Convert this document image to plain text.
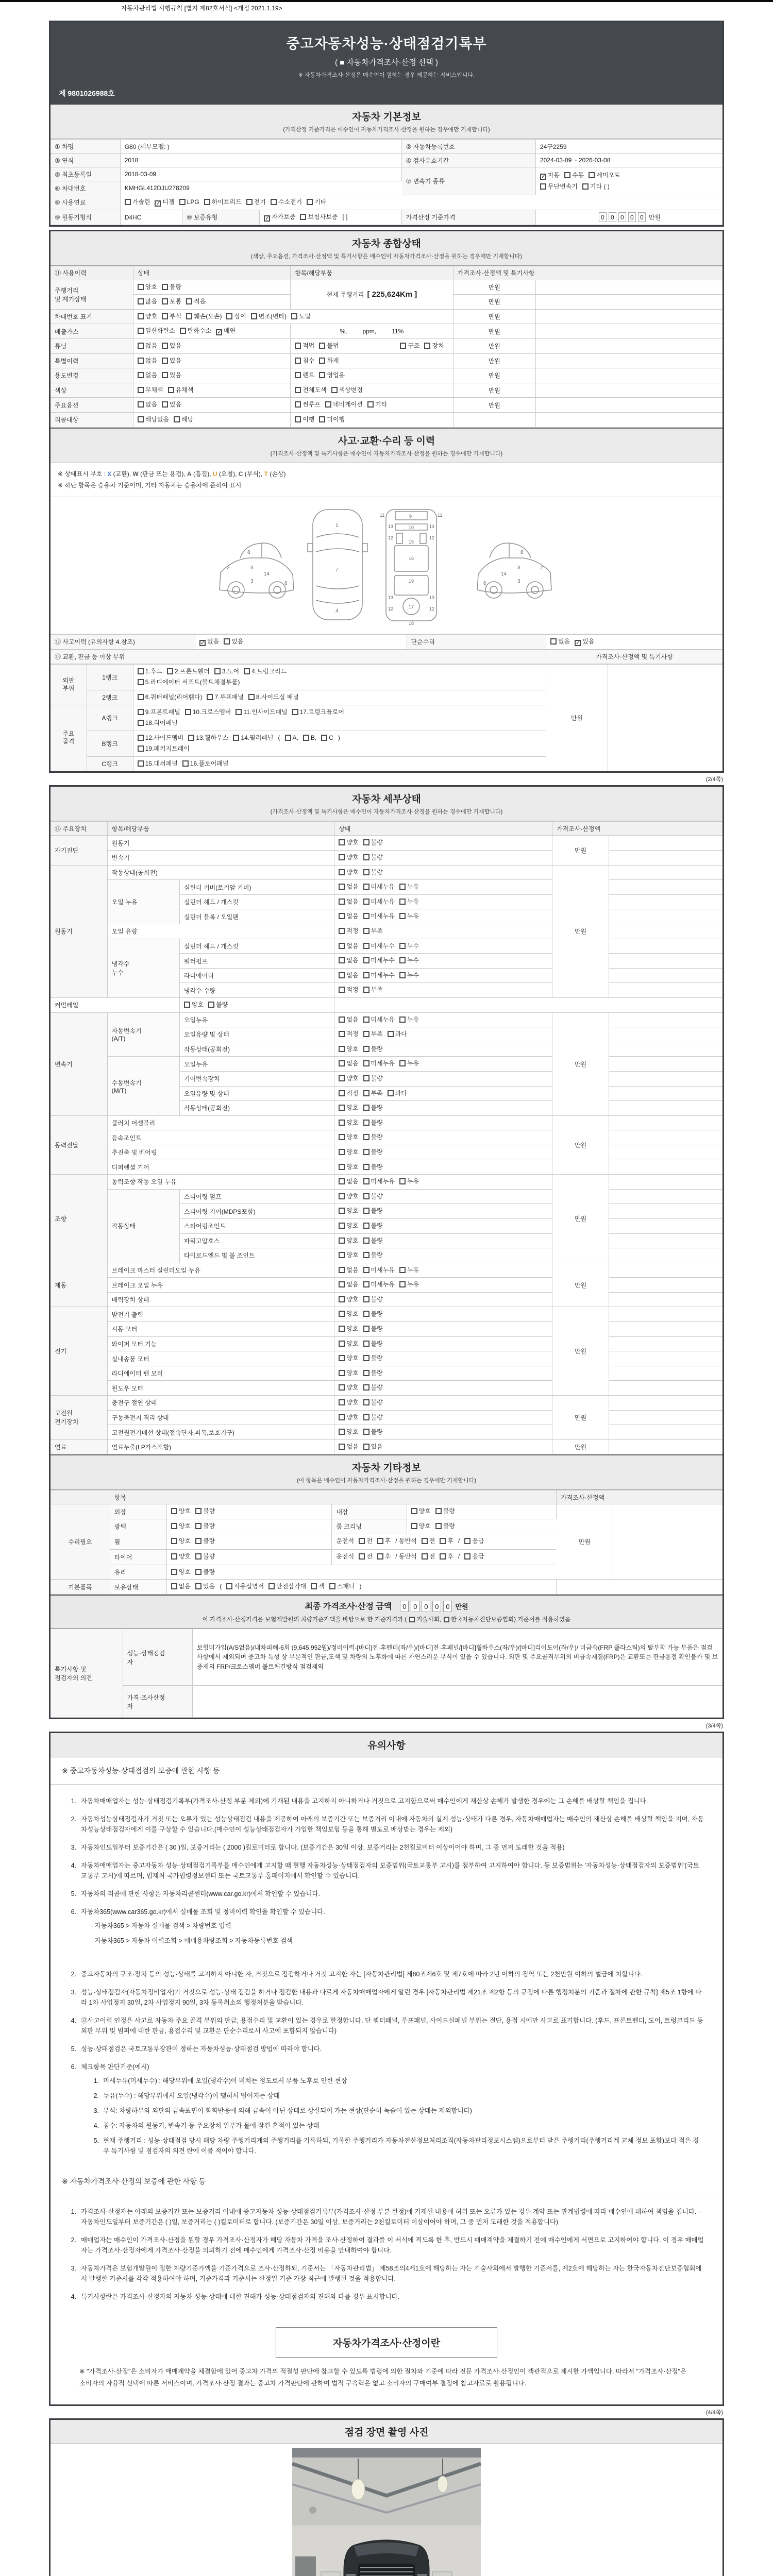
자동차관리법 시행규칙 [별지 제82호서식] <개정 2021.1.19>
중고자동차성능·상태점검기록부
( ■ 자동차가격조사·산정 선택 )
※ 자동차가격조사·산정은 매수인이 원하는 경우 제공하는 서비스입니다.
제 9801026988호
자동차 기본정보
(가격산정 기준가격은 매수인이 자동차가격조사·산정을 원하는 경우에만 기재합니다)
① 차명	G80 (세부모델: )			② 자동차등록번호	24구2259
③ 연식	2018			④ 검사유효기간	2024-03-09 ~ 2026-03-08
⑤ 최초등록일	2018-03-09			⑦ 변속기 종류	✓ 자동 수동 세미오토
무단변속기 기타 ( )
⑥ 차대번호	KMHGL412DJU278209				
⑧ 사용연료	가솔린 ✓ 디젤 LPG 하이브리드 전기 수소전기 기타				
⑨ 원동기형식	D4HC	⑩ 보증유형	✓ 자가보증 보험사보증 [ ]	가격산정 기준가격	0 0 0 0 0 만원
자동차 종합상태
(색상, 주요옵션, 가격조사·산정액 및 특기사항은 매수인이 자동차가격조사·산정을 원하는 경우에만 기재합니다)
⑪ 사용이력	상태	항목/해당부품	가격조사·산정액 및 특기사항	
주행거리
및 계기상태	양호 불량	현재 주행거리 [ 225,624Km ]	만원	
	많음 보통 적음		만원	
차대번호 표기	양호 부식 훼손(오손) 상이 변조(변타) 도말		만원	
배출가스	일산화탄소 탄화수소 ✓ 매연	%,         ppm,         11%	만원	
튜닝	없음 있음	적법 불법 구조 장치	만원	
특별이력	없음 있음	침수 화재	만원	
용도변경	없음 있음	렌트 영업용	만원	
색상	무채색 유채색	전체도색 색상변경	만원	
주요옵션	없음 있음	썬루프 네비게이션 기타	만원	
리콜대상	해당없음 해당	이행 미이행		
사고·교환·수리 등 이력
(가격조사·산정액 및 특기사항은 매수인이 자동차가격조사·산정을 원하는 경우에만 기재합니다)
※ 상태표시 부호 : X (교환), W (판금 또는 용접), A (흠집), U (요철), C (부식), T (손상)
※ 하단 항목은 승용차 기준이며, 기타 자동차는 승용차에 준하여 표시
2
8
3
3
14
6
1
7
4
11	11
13	13
12	12
9
10
15
16
13	13
12	12
19
17
18
2
8
3
3
14
6
⑫ 사고이력 (유의사항 4.참조)	✓ 없음 있음	단순수리	없음 ✓ 있음
⑬ 교환, 판금 등 이상 부위	가격조사·산정액 및 특기사항
외판부위	1랭크	1.후드 2.프론트휀더 3.도어 4.트렁크리드
5.라디에이터 서포트(볼트체결부품)	만원	
	2랭크	6.쿼터패널(리어휀다) 7.루프패널 8.사이드실 패널		
주요골격	A랭크	9.프론트패널 10.크로스멤버 11.인사이드패널 17.트렁크플로어
18.리어패널		
	B랭크	12.사이드멤버 13.휠하우스 14.필러패널 ( A, B, C )
19.패키지트레이		
	C랭크	15.대쉬패널 16.플로어패널		
(2/4쪽)
자동차 세부상태
(가격조사·산정액 및 특기사항은 매수인이 자동차가격조사·산정을 원하는 경우에만 기재합니다)
⑭ 주요장치	항목/해당부품		상태	가격조사·산정액	
자기진단	원동기		양호 불량	만원	
	변속기		양호 불량		
원동기	작동상태(공회전)		양호 불량	만원	
	오일 누유	실린더 커버(로커암 커버)	없음 미세누유 누유		
		실린더 헤드 / 개스킷	없음 미세누유 누유		
		실린더 블록 / 오일팬	없음 미세누유 누유		
	오일 유량		적정 부족		
	냉각수
누수	실린더 헤드 / 개스킷	없음 미세누수 누수		
		워터펌프	없음 미세누수 누수		
		라디에이터	없음 미세누수 누수		
		냉각수 수량	적정 부족		
커먼레일		양호 불량			
변속기	자동변속기
(A/T)	오일누유	없음 미세누유 누유	만원	
		오일유량 및 상태	적정 부족 과다		
		작동상태(공회전)	양호 불량		
	수동변속기
(M/T)	오일누유	없음 미세누유 누유		
		기어변속장치	양호 불량		
		오일유량 및 상태	적정 부족 과다		
		작동상태(공회전)	양호 불량		
동력전달	클러치 어셈블리		양호 불량	만원	
	등속조인트		양호 불량		
	추진축 및 베어링		양호 불량		
	디퍼렌셜 기어		양호 불량		
조향	동력조향 작동 오일 누유		없음 미세누유 누유	만원	
	작동상태	스티어링 펌프	양호 불량		
		스티어링 기어(MDPS포함)	양호 불량		
		스티어링조인트	양호 불량		
		파워고압호스	양호 불량		
		타이로드엔드 및 볼 조인트	양호 불량		
제동	브레이크 마스터 실린더오일 누유		없음 미세누유 누유	만원	
	브레이크 오일 누유		없음 미세누유 누유		
	배력장치 상태		양호 불량		
전기	발전기 출력		양호 불량	만원	
	시동 모터		양호 불량		
	와이퍼 모터 기능		양호 불량		
	실내송풍 모터		양호 불량		
	라디에이터 팬 모터		양호 불량		
	윈도우 모터		양호 불량		
고전원
전기장치	충전구 절연 상태		양호 불량	만원	
	구동축전지 격리 상태		양호 불량		
	고전원전기배선 상태(접속단자,피복,보호기구)		양호 불량		
연료	연료누출(LP가스포함)		없음 있음	만원	
자동차 기타정보
(이 항목은 매수인이 자동차가격조사·산정을 원하는 경우에만 기재합니다)
	항목				가격조사·산정액	
수리필요	외장	양호 불량	내장	양호 불량	만원	
	광택	양호 불량	룸 크리닝	양호 불량		
	휠	양호 불량	운전석 전 후 / 동반석 전 후 / 응급			
	타이어	양호 불량	운전석 전 후 / 동반석 전 후 / 응급			
	유리	양호 불량				
기본품목	보유상태	없음 있음 ( 사용설명서 안전삼각대 잭 스패너 )				
최종 가격조사·산정 금액 0 0 0 0 0 만원
이 가격조사·산정가격은 보험개발원의 차량기준가액을 바탕으로 한 기준가격과 ( 기술사회, 한국자동차진단보증협회) 기준서를 적용하였음
특기사항 및
점검자의 의견	성능·상태점검
자	보험미가입(A/S없음)/내차피해-6회 (9,645,952원)/정비이력-[바디]전·후펜더(좌/우)/[바디]전·후패널/[바디]휠하우스(좌/우)/[바디]리어도어(좌/우)/ 비금속(FRP 플라스틱)의 탈부착 가능 부품은 점검사항에서 제외되며 중고차 특성 상 부분적인 판금,도색 및 차량의 노후화에 따른 자연스러운 부식이 있을 수 있습니다. 외판 및 주요골격부위의 비금속재질(FRP)은 교환또는 판금용접 확인불가 및 보증제외 FRP/크로스멤버 볼트체결방식 점검제외
	가격·조사산정
자	
(3/4쪽)
유의사항
※ 중고자동차성능·상태점검의 보증에 관한 사항 등
1. 자동차매매업자는 성능·상태점검기록부(가격조사·산정 부분 제외)에 기재된 내용을 고지하지 아니하거나 거짓으로 고지함으로써 매수인에게 재산상 손해가 발생한 경우에는 그 손해를 배상할 책임을 집니다.
2. 자동차성능상태점검자가 거짓 또는 오류가 있는 성능상태점검 내용을 제공하여 아래의 보증기간 또는 보증거리 이내에 자동차의 실제 성능·상태가 다른 경우, 자동차매매업자는 매수인의 재산상 손해를 배상할 책임을 지며, 자동차성능상태점검자에게 이를 구상할 수 있습니다.(매수인이 성능상태점검자가 가입한 책임보험 등을 통해 별도로 배상받는 경우는 제외)
3. 자동차인도일부터 보증기간은 ( 30 )일, 보증거리는 ( 2000 )킬로미터로 합니다. (보증기간은 30일 이상, 보증거리는 2천킬로미터 이상이어야 하며, 그 중 먼저 도래한 것을 적용)
4. 자동차매매업자는 중고자동차 성능·상태점검기록부를 매수인에게 고지할 때 현행 자동차성능·상태점검자의 보증범위(국토교통부 고시)를 첨부하여 고지하여야 합니다. 동 보증범위는 '자동차성능·상태점검자의 보증범위'(국토교통부 고시)에 따르며, 법제처 국가법령정보센터 또는 국토교통부 홈페이지에서 확인할 수 있습니다.
5. 자동차의 리콜에 관한 사항은 자동차리콜센터(www.car.go.kr)에서 확인할 수 있습니다.
6. 자동차365(www.car365.go.kr)에서 실매물 조회 및 정비이력 확인을 확인할 수 있습니다.
- 자동차365 > 자동차 실매물 검색 > 차량번호 입력
- 자동차365 > 자동차 이력조회 > 매매용차량조회 > 자동차등록번호 검색
2. 중고자동차의 구조·장치 등의 성능·상태를 고지하지 아니한 자, 거짓으로 점검하거나 거짓 고지한 자는 [자동차관리법] 제80조제6호 및 제7호에 따라 2년 이하의 징역 또는 2천만원 이하의 벌금에 처합니다.
3. 성능·상태점검자(자동차정비업자)가 거짓으로 성능·상태 점검을 하거나 점검한 내용과 다르게 자동차매매업자에게 알린 경우 [자동차관리법 제21조 제2항 등의 규정에 따른 행정처분의 기준과 절차에 관한 규칙] 제5조 1항에 따라 1차 사업정지 30일, 2차 사업정지 90일, 3차 등록취소의 행정처분을 받습니다.
4. ⑫사고이력 인정은 사고로 자동차 주요 골격 부위의 판금, 용접수리 및 교환이 있는 경우로 한정합니다. 단 쿼터패널, 루프패널, 사이드실패널 부위는 절단, 용접 시에만 사고로 표기합니다. (후드, 프론트펜더, 도어, 트렁크리드 등 외판 부위 및 범퍼에 대한 판금, 용접수리 및 교환은 단순수리로서 사고에 포함되지 않습니다)
5. 성능·상태점검은 국토교통부장관이 정하는 자동차성능·상태점검 방법에 따라야 합니다.
6. 체크항목 판단기준(예시)
1. 미세누유(미세누수) : 해당부위에 오일(냉각수)이 비치는 정도로서 부품 노후로 인한 현상
2. 누유(누수) : 해당부위에서 오일(냉각수)이 맺혀서 떨어지는 상태
3. 부식: 차량하부와 외판의 금속표면이 화학반응에 의해 금속이 아닌 상태로 상실되어 가는 현상(단순히 녹슬어 있는 상태는 제외합니다)
4. 침수: 자동차의 원동기, 변속기 등 주요장치 일부가 물에 잠긴 흔적이 있는 상태
5. 현재 주행거리 : 성능·상태점검 당시 해당 차량 주행거리계의 주행거리를 기록하되, 기록한 주행거리가 자동차전산정보처리조직(자동차관리정보시스템)으로부터 받은 주행거리(주행거리계 교체 정보 포함)보다 적은 경우 특기사항 및 점검자의 의견 란에 이를 적어야 합니다.
※ 자동차가격조사·산정의 보증에 관한 사항 등
1. 가격조사·산정자는 아래의 보증기간 또는 보증거리 이내에 중고자동차 성능·상태점검기록부(가격조사·산정 부분 한정)에 기재된 내용에 허위 또는 오류가 있는 경우 계약 또는 관계법령에 따라 매수인에 대하여 책임을 집니다. · 자동차인도일부터 보증기간은 ( )일, 보증거리는 ( )킬로미터로 합니다. (보증기간은 30일 이상, 보증거리는 2천킬로미터 이상이어야 하며, 그 중 먼저 도래한 것을 적용합니다)
2. 매매업자는 매수인이 가격조사·산정을 원할 경우 가격조사·산정자가 해당 자동차 가격을 조사·산정하여 결과를 이 서식에 적도록 한 후, 반드시 매매계약을 체결하기 전에 매수인에게 서면으로 고지하여야 합니다. 이 경우 매매업자는 가격조사·산정자에게 가격조사·산정을 의뢰하기 전에 매수인에게 가격조사·산정 비용을 안내하여야 합니다.
3. 자동차가격은 보험개발원이 정한 차량기준가액을 기준가격으로 조사·산정하되, 기준서는 「자동차관리법」 제58조의4제1호에 해당하는 자는 기술사회에서 발행한 기준서를, 제2호에 해당하는 자는 한국자동차진단보증협회에서 발행한 기준서를 각각 적용하여야 하며, 기준가격과 기준서는 산정일 기준 가장 최근에 발행된 것을 적용합니다.
4. 특기사항란은 가격조사·산정자의 자동차 성능·상태에 대한 견해가 성능·상태점검자의 견해와 다를 경우 표시합니다.
자동차가격조사·산정이란
※ "가격조사·산정"은 소비자가 매매계약을 체결함에 있어 중고차 가격의 적절성 판단에 참고할 수 있도록 법령에 의한 절차와 기준에 따라 전문 가격조사·산정인이 객관적으로 제시한 가액입니다. 따라서 "가격조사·산정"은 소비자의 자율적 선택에 따른 서비스이며, 가격조사·산정 결과는 중고차 가격판단에 관하여 법적 구속력은 없고 소비자의 구매여부 결정에 참고자료로 활용됩니다.
(4/4쪽)
점검 장면 촬영 사진
